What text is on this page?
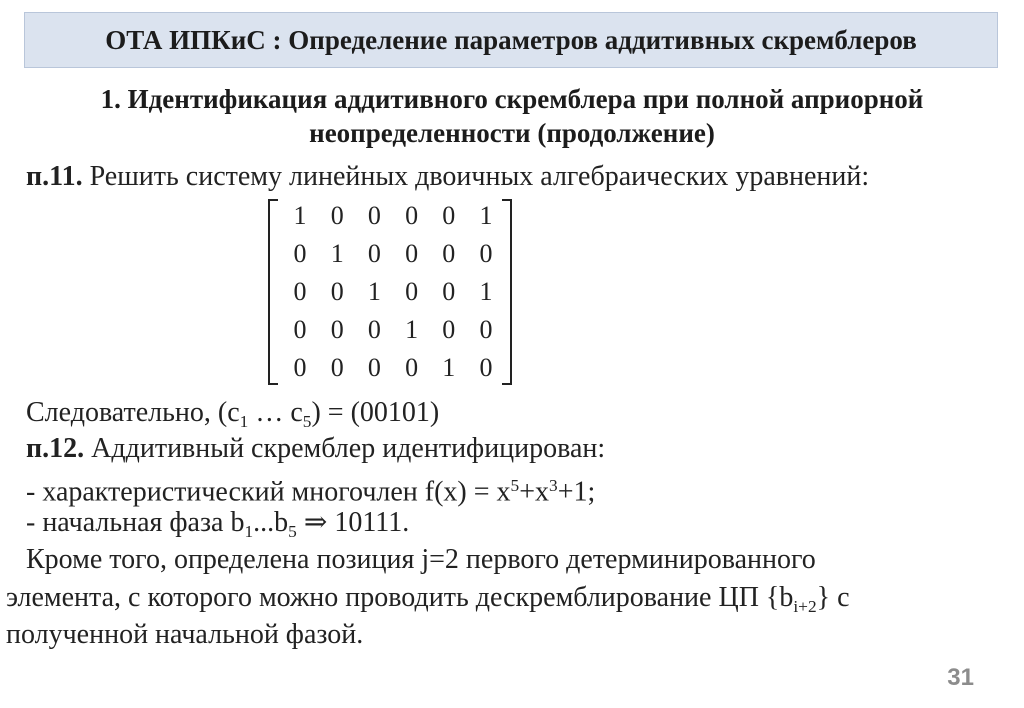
ОТА ИПКиС : Определение параметров аддитивных скремблеров
1. Идентификация аддитивного скремблера при полной априорной
неопределенности (продолжение)
п.11. Решить систему линейных двоичных алгебраических уравнений:
1 0 0 0 0 1
0 1 0 0 0 0
0 0 1 0 0 1
0 0 0 1 0 0
0 0 0 0 1 0
Следовательно, ($с_1$ … $с_5) = (00101)$
п.12. Аддитивный скремблер идентифицирован:
- характеристический многочлен $f(x) = x^5+x^3+1$;
- начальная фаза $b_1...b_5$ ⇒ 10111.
Кроме того, определена позиция j=2 первого детерминированного
элемента, с которого можно проводить дескремблирование ЦП $\{b_{i+2}\}$ с
полученной начальной фазой.
31
